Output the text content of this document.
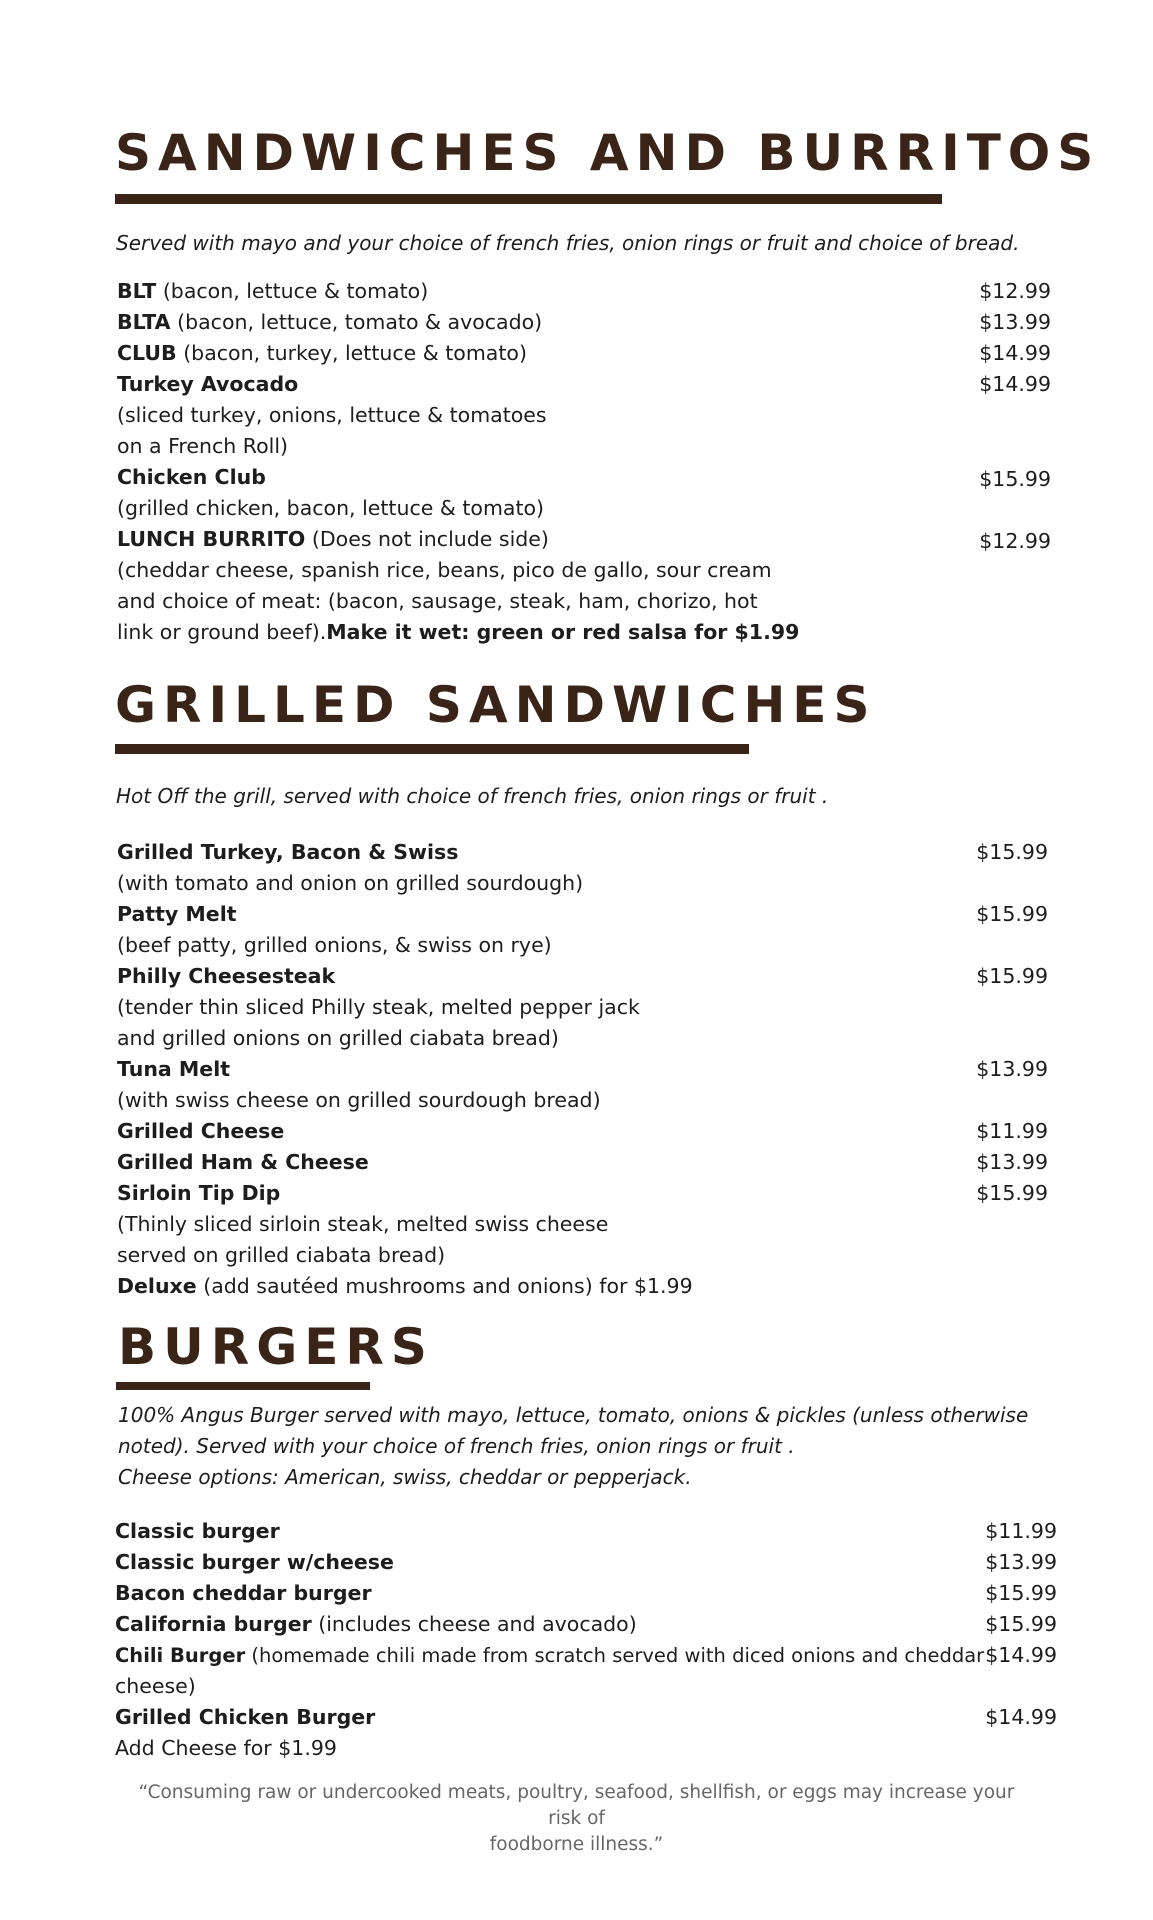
SANDWICHES AND BURRITOS

Served with mayo and your choice of french fries, onion rings or fruit and choice of bread.

BLT (bacon, lettuce & tomato)	$12.99
BLTA (bacon, lettuce, tomato & avocado)	$13.99
CLUB (bacon, turkey, lettuce & tomato)	$14.99
Turkey Avocado	$14.99
(sliced turkey, onions, lettuce & tomatoes
on a French Roll)
Chicken Club	$15.99
(grilled chicken, bacon, lettuce & tomato)
LUNCH BURRITO (Does not include side)	$12.99
(cheddar cheese, spanish rice, beans, pico de gallo, sour cream
and choice of meat: (bacon, sausage, steak, ham, chorizo, hot
link or ground beef).Make it wet: green or red salsa for $1.99
GRILLED SANDWICHES

Hot Off the grill, served with choice of french fries, onion rings or fruit .

Grilled Turkey, Bacon & Swiss	$15.99
(with tomato and onion on grilled sourdough)
Patty Melt	$15.99
(beef patty, grilled onions, & swiss on rye)
Philly Cheesesteak	$15.99
(tender thin sliced Philly steak, melted pepper jack
and grilled onions on grilled ciabata bread)
Tuna Melt	$13.99
(with swiss cheese on grilled sourdough bread)
Grilled Cheese	$11.99
Grilled Ham & Cheese	$13.99
Sirloin Tip Dip	$15.99
(Thinly sliced sirloin steak, melted swiss cheese
served on grilled ciabata bread)
Deluxe (add sautéed mushrooms and onions) for $1.99
BURGERS

100% Angus Burger served with mayo, lettuce, tomato, onions & pickles (unless otherwise

noted). Served with your choice of french fries, onion rings or fruit .

Cheese options: American, swiss, cheddar or pepperjack.

Classic burger	$11.99
Classic burger w/cheese	$13.99
Bacon cheddar burger	$15.99
California burger (includes cheese and avocado)	$15.99
Chili Burger (homemade chili made from scratch served with diced onions and cheddar $14.99
cheese)
Grilled Chicken Burger	$14.99
Add Cheese for $1.99
“Consuming raw or undercooked meats, poultry, seafood, shellfish, or eggs may increase your risk of
foodborne illness.”
